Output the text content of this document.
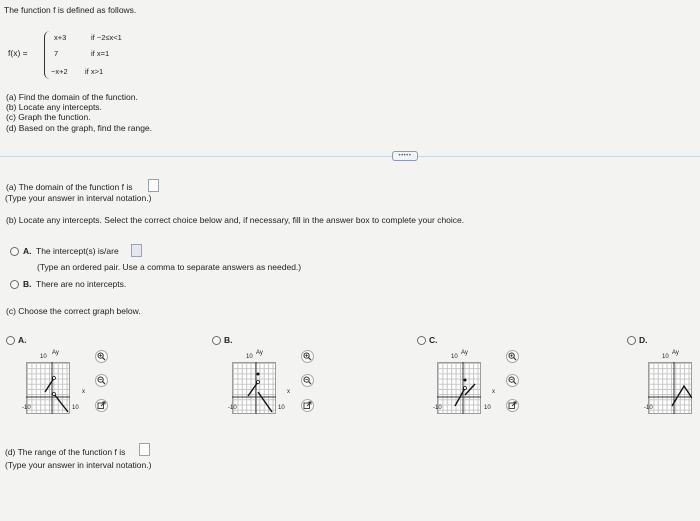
The function f is defined as follows.
f(x) =
x+3	if −2≤x<1
7	if x=1
−x+2 if x>1
(a) Find the domain of the function.
(b) Locate any intercepts.
(c) Graph the function.
(d) Based on the graph, find the range.
•••••
(a) The domain of the function f is
(Type your answer in interval notation.)
(b) Locate any intercepts. Select the correct choice below and, if necessary, fill in the answer box to complete your choice.
A. The intercept(s) is/are
(Type an ordered pair. Use a comma to separate answers as needed.)
B. There are no intercepts.
(c) Choose the correct graph below.
A.
10
Ay
-10	10
x
B.
10
Ay
-10	10
x
C.
10
Ay
-10	10
x
D.
10
Ay
-10
(d) The range of the function f is
(Type your answer in interval notation.)
